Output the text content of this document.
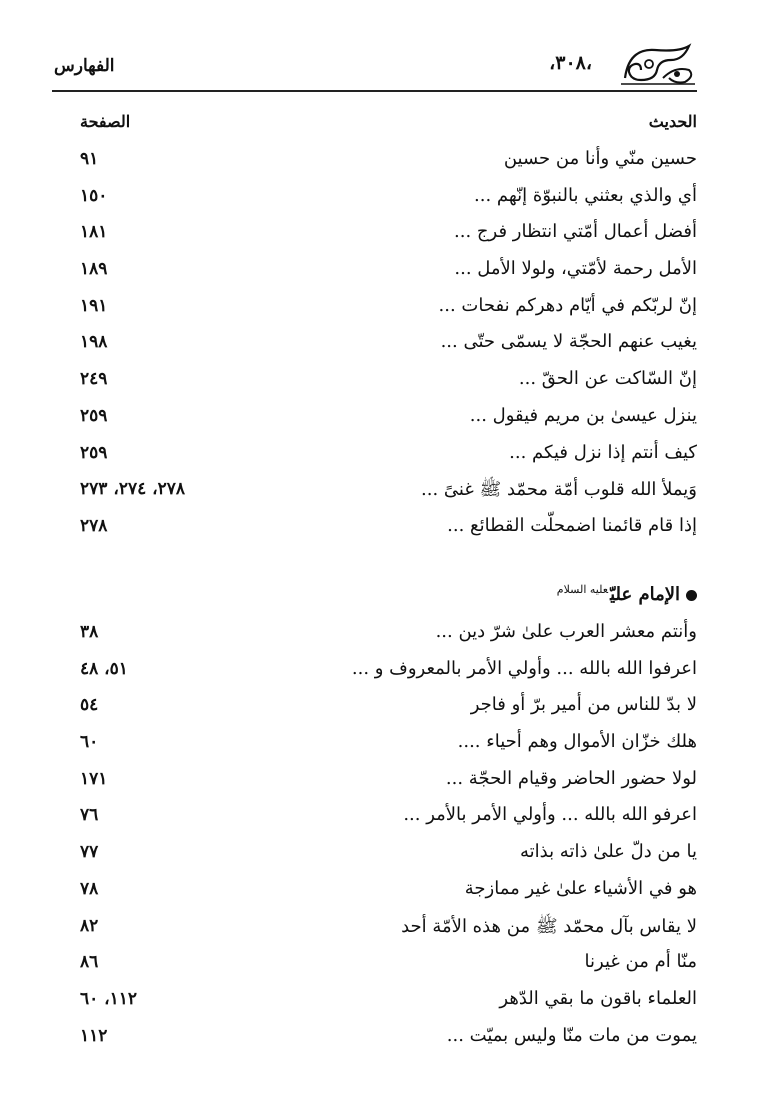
،٣٠٨،
الفهارس
الحديث
الصفحة
حسين منّي وأنا من حسين
٩١
أي والذي بعثني بالنبوّة إنّهم ...
١٥٠
أفضل أعمال أمّتي انتظار فرج ...
١٨١
الأمل رحمة لأمّتي، ولولا الأمل ...
١٨٩
إنّ لربّكم في أيّام دهركم نفحات ...
١٩١
يغيب عنهم الحجّة لا يسمّى حتّى ...
١٩٨
إنّ السّاكت عن الحقّ ...
٢٤٩
ينزل عيسىٰ بن مريم فيقول ...
٢٥٩
كيف أنتم إذا نزل فيكم ...
٢٥٩
وَيملأ الله قلوب أمّة محمّد ﷺ غنىً ...
٢٧٨، ٢٧٤، ٢٧٣
إذا قام قائمنا اضمحلّت القطائع ...
٢٧٨
الإمام عليّ$^{عليه السلام}$
وأنتم معشر العرب علىٰ شرّ دين ...
٣٨
اعرفوا الله بالله ... وأولي الأمر بالمعروف و ...
٥١، ٤٨
لا بدّ للناس من أمير برّ أو فاجر
٥٤
هلك خزّان الأموال وهم أحياء ....
٦٠
لولا حضور الحاضر وقيام الحجّة ...
١٧١
اعرفو الله بالله ... وأولي الأمر بالأمر ...
٧٦
يا من دلّ علىٰ ذاته بذاته
٧٧
هو في الأشياء علىٰ غير ممازجة
٧٨
لا يقاس بآل محمّد ﷺ من هذه الأمّة أحد
٨٢
منّا أم من غيرنا
٨٦
العلماء باقون ما بقي الدّهر
١١٢، ٦٠
يموت من مات منّا وليس بميّت ...
١١٢
